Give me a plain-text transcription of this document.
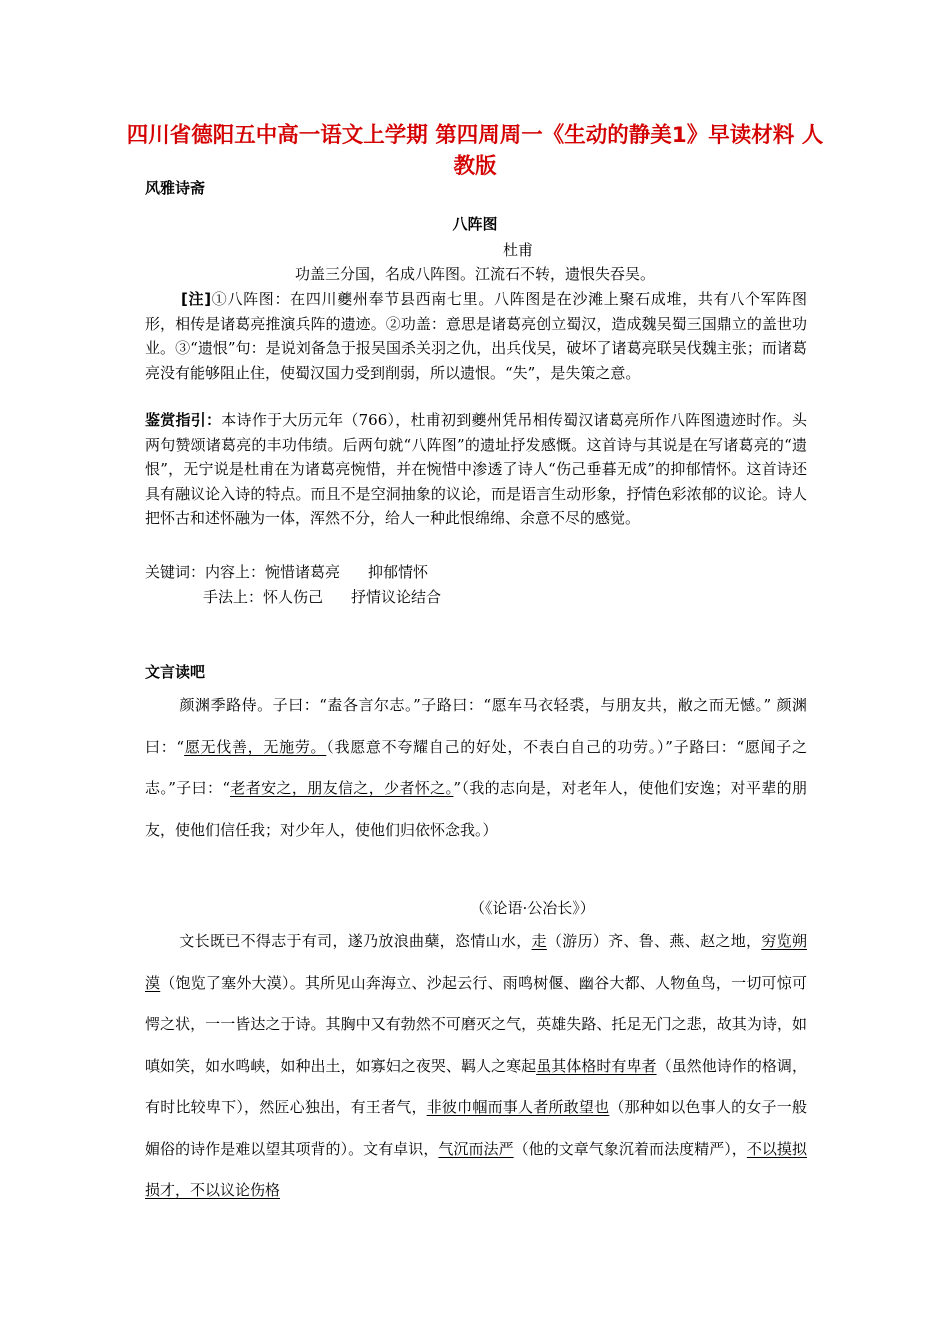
四川省德阳五中高一语文上学期 第四周周一《生动的静美1》早读材料 人教版
风雅诗斋
八阵图
杜甫
功盖三分国，名成八阵图。江流石不转，遗恨失吞吴。
[注]①八阵图：在四川夔州奉节县西南七里。八阵图是在沙滩上聚石成堆，共有八个军阵图形，相传是诸葛亮推演兵阵的遗迹。②功盖：意思是诸葛亮创立蜀汉，造成魏吴蜀三国鼎立的盖世功业。③“遗恨”句：是说刘备急于报吴国杀关羽之仇，出兵伐吴，破坏了诸葛亮联吴伐魏主张；而诸葛亮没有能够阻止住，使蜀汉国力受到削弱，所以遗恨。“失”，是失策之意。
鉴赏指引：本诗作于大历元年（766），杜甫初到夔州凭吊相传蜀汉诸葛亮所作八阵图遗迹时作。头两句赞颂诸葛亮的丰功伟绩。后两句就“八阵图”的遗址抒发感慨。这首诗与其说是在写诸葛亮的“遗恨”，无宁说是杜甫在为诸葛亮惋惜，并在惋惜中渗透了诗人“伤己垂暮无成”的抑郁情怀。这首诗还具有融议论入诗的特点。而且不是空洞抽象的议论，而是语言生动形象，抒情色彩浓郁的议论。诗人把怀古和述怀融为一体，浑然不分，给人一种此恨绵绵、余意不尽的感觉。
关键词：内容上：惋惜诸葛亮 抑郁情怀
手法上：怀人伤己 抒情议论结合
文言读吧
颜渊季路侍。子曰：“盍各言尔志。”子路曰：“愿车马衣轻裘，与朋友共，敝之而无憾。” 颜渊曰：“愿无伐善，无施劳。（我愿意不夸耀自己的好处，不表白自己的功劳。）”子路曰：“愿闻子之志。”子曰：“老者安之，朋友信之，少者怀之。”（我的志向是，对老年人，使他们安逸；对平辈的朋友，使他们信任我；对少年人，使他们归依怀念我。）
（《论语·公冶长》）
文长既已不得志于有司，遂乃放浪曲蘖，恣情山水，走（游历）齐、鲁、燕、赵之地，穷览朔漠（饱览了塞外大漠）。其所见山奔海立、沙起云行、雨鸣树偃、幽谷大都、人物鱼鸟，一切可惊可愕之状，一一皆达之于诗。其胸中又有勃然不可磨灭之气，英雄失路、托足无门之悲，故其为诗，如嗔如笑，如水鸣峡，如种出土，如寡妇之夜哭、羁人之寒起虽其体格时有卑者（虽然他诗作的格调，有时比较卑下），然匠心独出，有王者气，非彼巾帼而事人者所敢望也（那种如以色事人的女子一般媚俗的诗作是难以望其项背的）。文有卓识，气沉而法严（他的文章气象沉着而法度精严），不以摸拟损才，不以议论伤格
